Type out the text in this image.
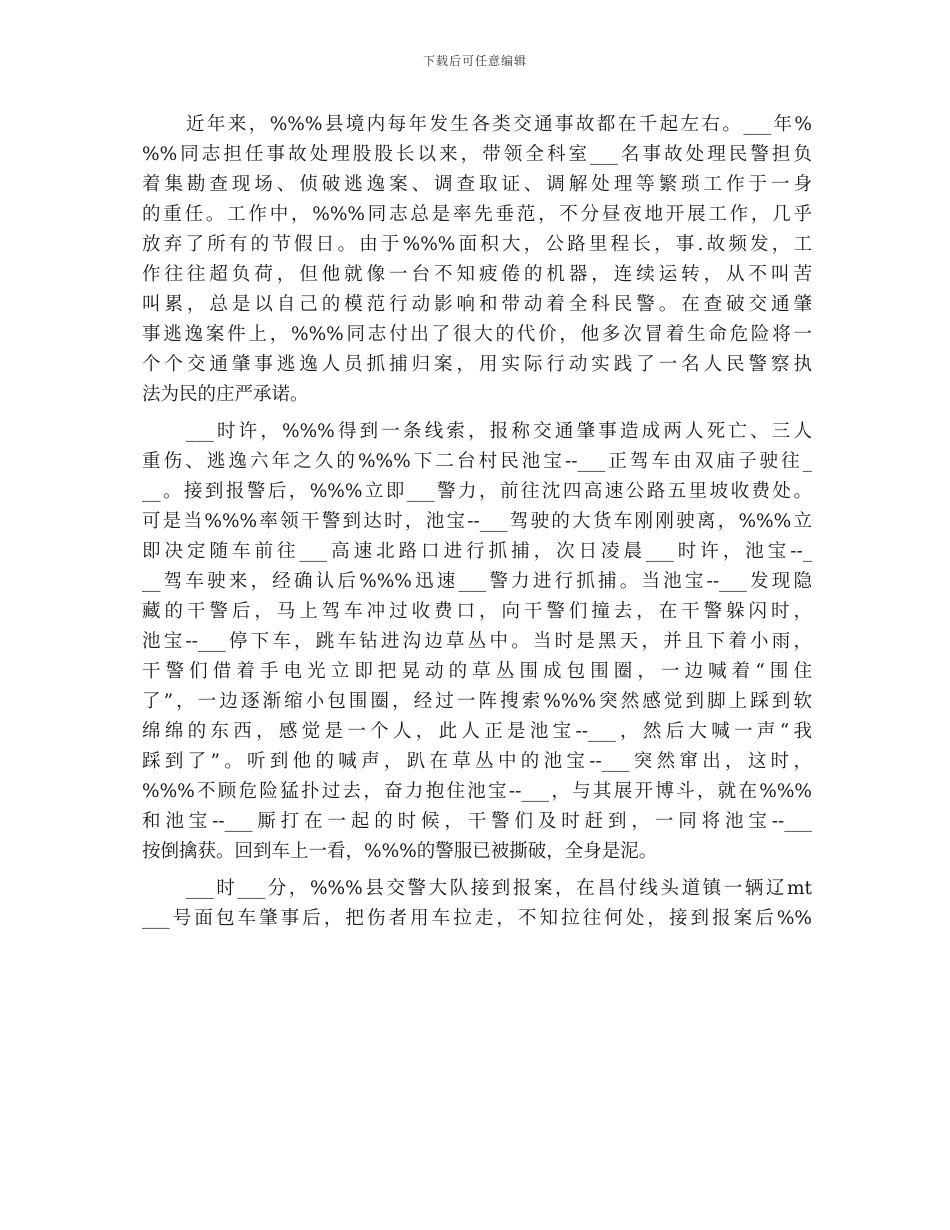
下载后可任意编辑
近年来，%%%县境内每年发生各类交通事故都在千起左右。___年%
%%同志担任事故处理股股长以来，带领全科室___名事故处理民警担负
着集勘查现场、侦破逃逸案、调查取证、调解处理等繁琐工作于一身
的重任。工作中，%%%同志总是率先垂范，不分昼夜地开展工作，几乎
放弃了所有的节假日。由于%%%面积大，公路里程长，事.故频发，工
作往往超负荷，但他就像一台不知疲倦的机器，连续运转，从不叫苦
叫累，总是以自己的模范行动影响和带动着全科民警。在查破交通肇
事逃逸案件上，%%%同志付出了很大的代价，他多次冒着生命危险将一
个个交通肇事逃逸人员抓捕归案，用实际行动实践了一名人民警察执
法为民的庄严承诺。
___时许，%%%得到一条线索，报称交通肇事造成两人死亡、三人
重伤、逃逸六年之久的%%%下二台村民池宝--___正驾车由双庙子驶往_
__。接到报警后，%%%立即___警力，前往沈四高速公路五里坡收费处。
可是当%%%率领干警到达时，池宝--___驾驶的大货车刚刚驶离，%%%立
即决定随车前往___高速北路口进行抓捕，次日凌晨___时许，池宝--_
__驾车驶来，经确认后%%%迅速___警力进行抓捕。当池宝--___发现隐
藏的干警后，马上驾车冲过收费口，向干警们撞去，在干警躲闪时，
池宝--___停下车，跳车钻进沟边草丛中。当时是黑天，并且下着小雨，
干警们借着手电光立即把晃动的草丛围成包围圈，一边喊着“围住
了”，一边逐渐缩小包围圈，经过一阵搜索%%%突然感觉到脚上踩到软
绵绵的东西，感觉是一个人，此人正是池宝--___，然后大喊一声“我
踩到了”。听到他的喊声，趴在草丛中的池宝--___突然窜出，这时，
%%%不顾危险猛扑过去，奋力抱住池宝--___，与其展开博斗，就在%%%
和池宝--___厮打在一起的时候，干警们及时赶到，一同将池宝--___
按倒擒获。回到车上一看，%%%的警服已被撕破，全身是泥。
___时___分，%%%县交警大队接到报案，在昌付线头道镇一辆辽mt
___号面包车肇事后，把伤者用车拉走，不知拉往何处，接到报案后%%
